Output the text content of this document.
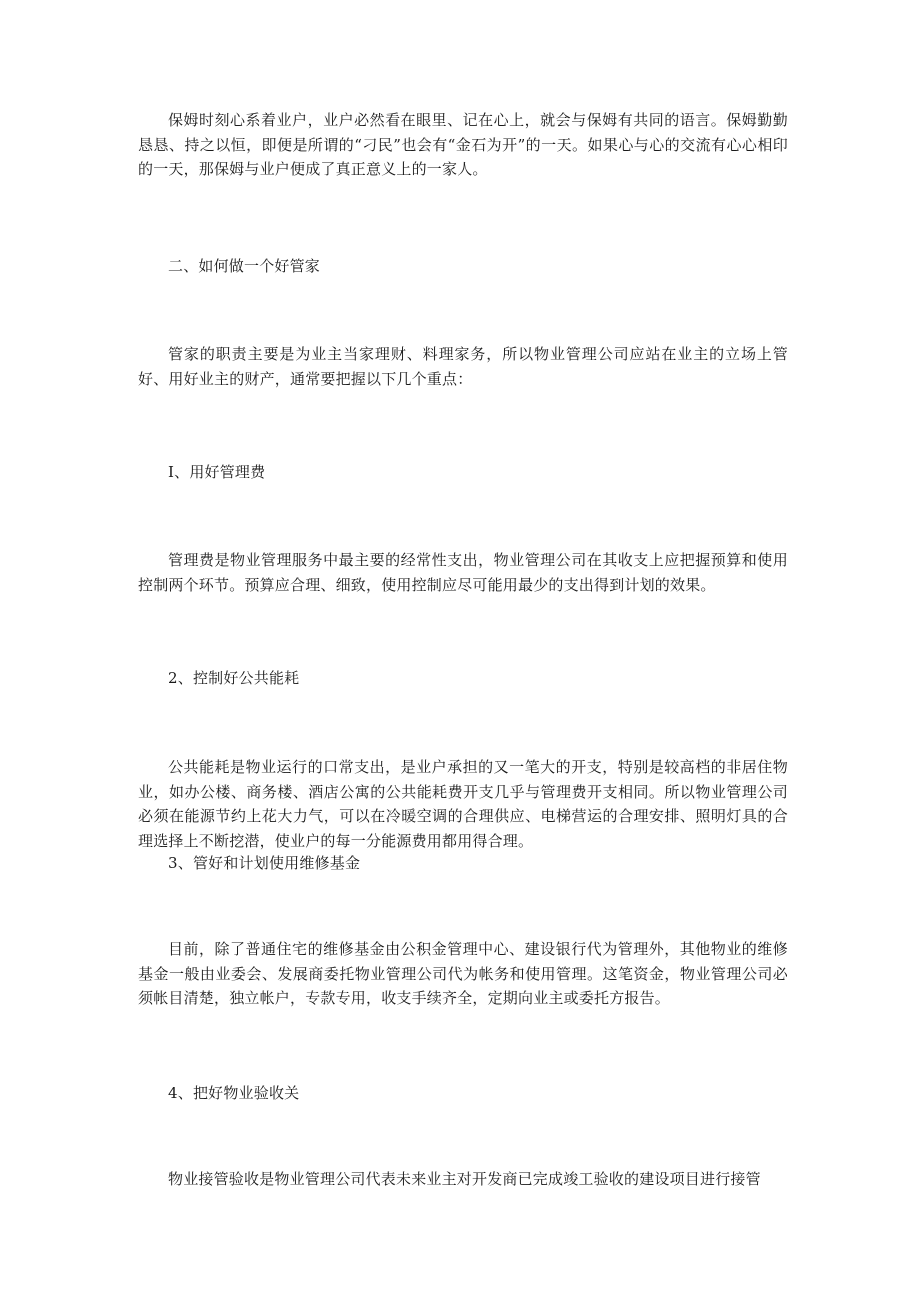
保姆时刻心系着业户，业户必然看在眼里、记在心上，就会与保姆有共同的语言。保姆勤勤恳恳、持之以恒，即便是所谓的“刁民”也会有“金石为开”的一天。如果心与心的交流有心心相印的一天，那保姆与业户便成了真正意义上的一家人。

二、如何做一个好管家

管家的职责主要是为业主当家理财、料理家务，所以物业管理公司应站在业主的立场上管好、用好业主的财产，通常要把握以下几个重点：

I、用好管理费

管理费是物业管理服务中最主要的经常性支出，物业管理公司在其收支上应把握预算和使用控制两个环节。预算应合理、细致，使用控制应尽可能用最少的支出得到计划的效果。

2、控制好公共能耗

公共能耗是物业运行的口常支出，是业户承担的又一笔大的开支，特别是较高档的非居住物业，如办公楼、商务楼、酒店公寓的公共能耗费开支几乎与管理费开支相同。所以物业管理公司必须在能源节约上花大力气，可以在冷暖空调的合理供应、电梯营运的合理安排、照明灯具的合理选择上不断挖潜，使业户的每一分能源费用都用得合理。

3、管好和计划使用维修基金

目前，除了普通住宅的维修基金由公积金管理中心、建设银行代为管理外，其他物业的维修基金一般由业委会、发展商委托物业管理公司代为帐务和使用管理。这笔资金，物业管理公司必须帐目清楚，独立帐户，专款专用，收支手续齐全，定期向业主或委托方报告。

4、把好物业验收关

物业接管验收是物业管理公司代表未来业主对开发商已完成竣工验收的建设项目进行接管
